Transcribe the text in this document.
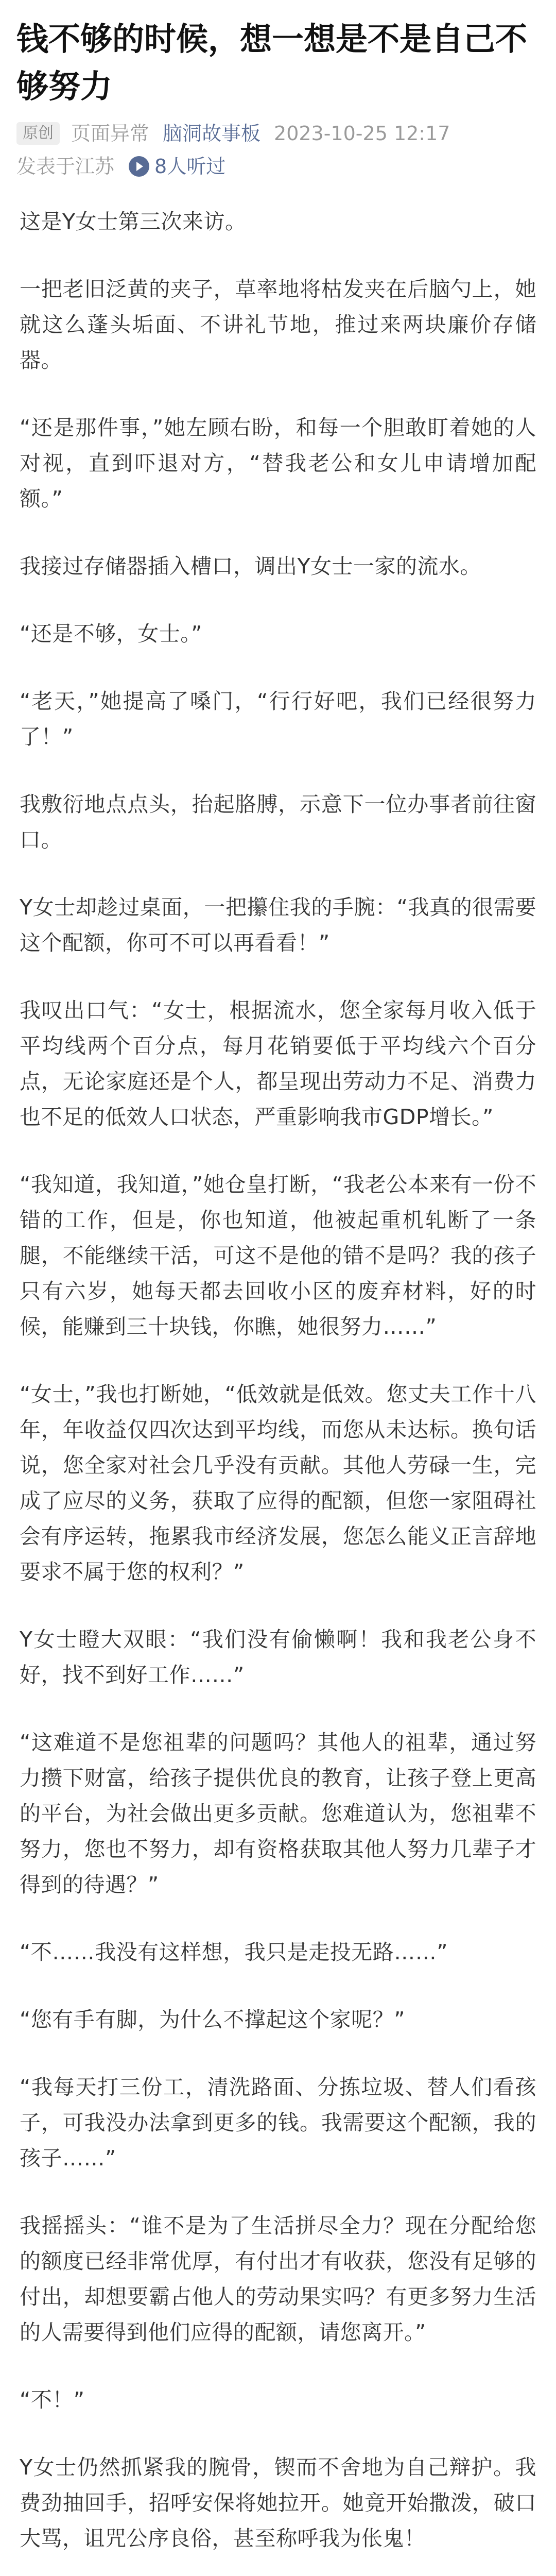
钱不够的时候，想一想是不是自己不够努力
原创 页面异常 脑洞故事板 2023-10-25 12:17
发表于江苏 8人听过

这是Y女士第三次来访。

一把老旧泛黄的夹子，草率地将枯发夹在后脑勺上，她就这么蓬头垢面、不讲礼节地，推过来两块廉价存储器。

“还是那件事，”她左顾右盼，和每一个胆敢盯着她的人对视，直到吓退对方，“替我老公和女儿申请增加配额。”

我接过存储器插入槽口，调出Y女士一家的流水。

“还是不够，女士。”

“老天，”她提高了嗓门，“行行好吧，我们已经很努力了！”

我敷衍地点点头，抬起胳膊，示意下一位办事者前往窗口。

Y女士却趁过桌面，一把攥住我的手腕：“我真的很需要这个配额，你可不可以再看看！”

我叹出口气：“女士，根据流水，您全家每月收入低于平均线两个百分点，每月花销要低于平均线六个百分点，无论家庭还是个人，都呈现出劳动力不足、消费力也不足的低效人口状态，严重影响我市GDP增长。”

“我知道，我知道，”她仓皇打断，“我老公本来有一份不错的工作，但是，你也知道，他被起重机轧断了一条腿，不能继续干活，可这不是他的错不是吗？我的孩子只有六岁，她每天都去回收小区的废弃材料，好的时候，能赚到三十块钱，你瞧，她很努力……”

“女士，”我也打断她，“低效就是低效。您丈夫工作十八年，年收益仅四次达到平均线，而您从未达标。换句话说，您全家对社会几乎没有贡献。其他人劳碌一生，完成了应尽的义务，获取了应得的配额，但您一家阻碍社会有序运转，拖累我市经济发展，您怎么能义正言辞地要求不属于您的权利？”

Y女士瞪大双眼：“我们没有偷懒啊！我和我老公身不好，找不到好工作……”

“这难道不是您祖辈的问题吗？其他人的祖辈，通过努力攒下财富，给孩子提供优良的教育，让孩子登上更高的平台，为社会做出更多贡献。您难道认为，您祖辈不努力，您也不努力，却有资格获取其他人努力几辈子才得到的待遇？”

“不……我没有这样想，我只是走投无路……”

“您有手有脚，为什么不撑起这个家呢？”

“我每天打三份工，清洗路面、分拣垃圾、替人们看孩子，可我没办法拿到更多的钱。我需要这个配额，我的孩子……”

我摇摇头：“谁不是为了生活拼尽全力？现在分配给您的额度已经非常优厚，有付出才有收获，您没有足够的付出，却想要霸占他人的劳动果实吗？有更多努力生活的人需要得到他们应得的配额，请您离开。”

“不！”

Y女士仍然抓紧我的腕骨，锲而不舍地为自己辩护。我费劲抽回手，招呼安保将她拉开。她竟开始撒泼，破口大骂，诅咒公序良俗，甚至称呼我为伥鬼！
